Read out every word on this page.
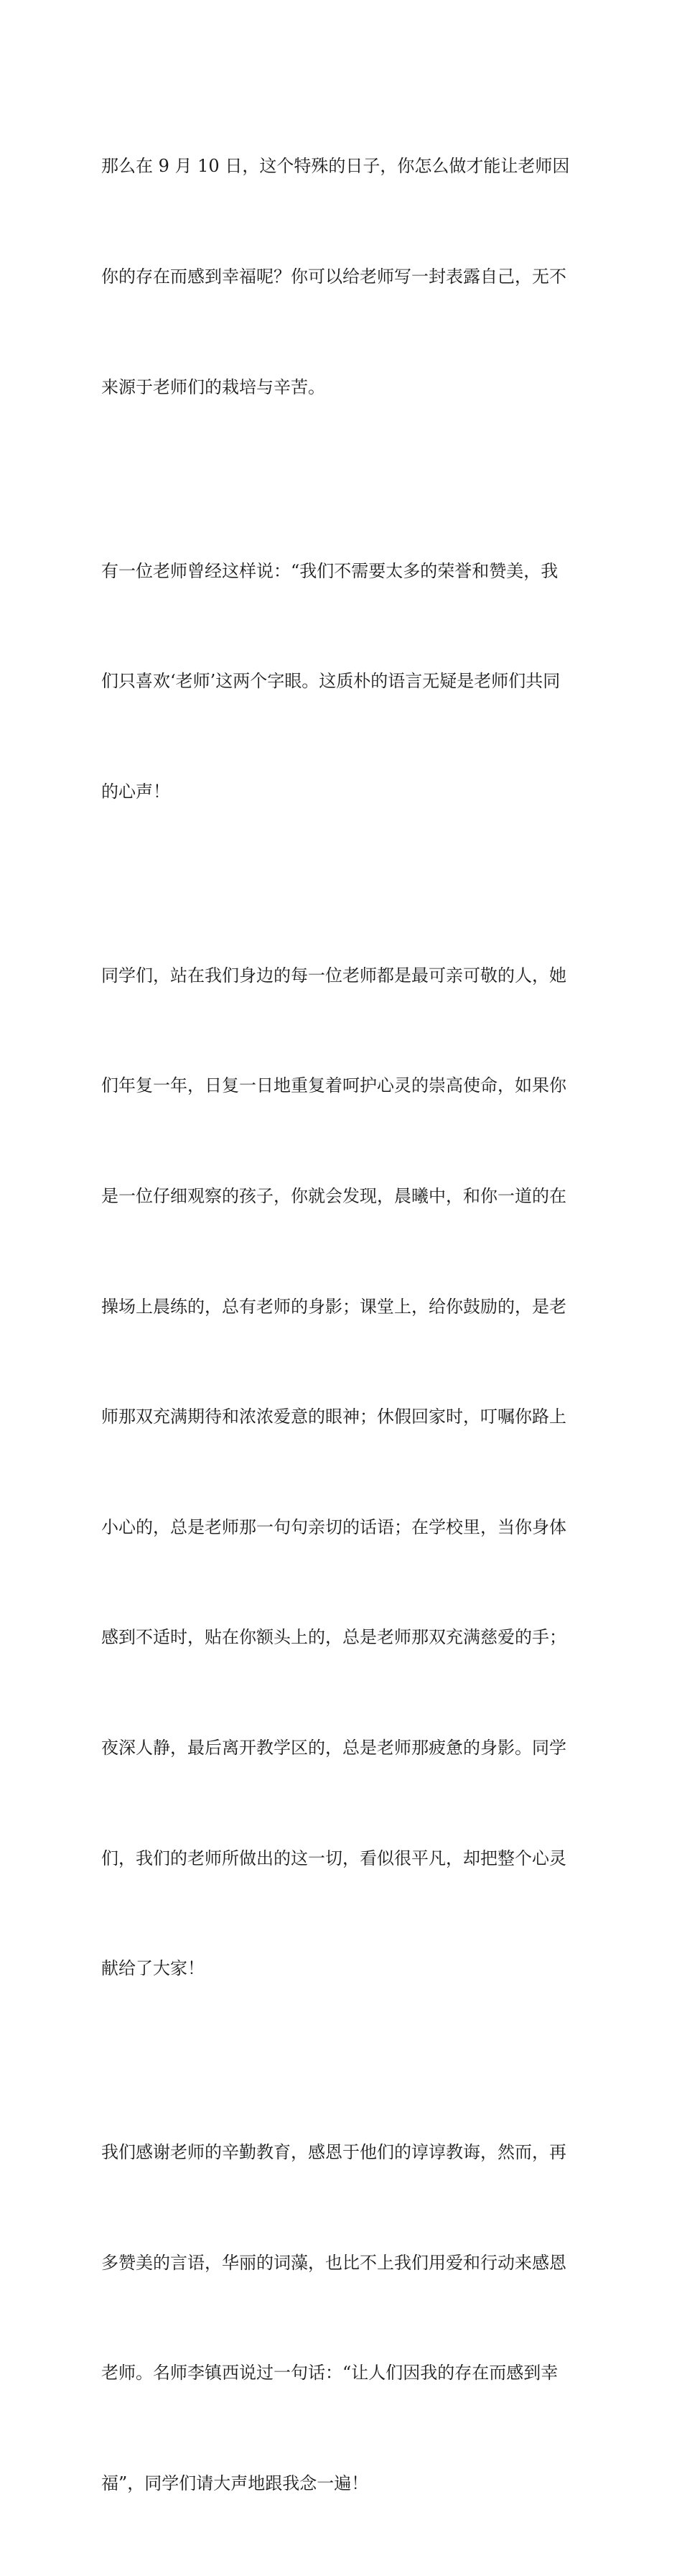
那么在 9 月 10 日，这个特殊的日子，你怎么做才能让老师因

你的存在而感到幸福呢？你可以给老师写一封表露自己，无不

来源于老师们的栽培与辛苦。

有一位老师曾经这样说：“我们不需要太多的荣誉和赞美，我

们只喜欢‘老师’这两个字眼。这质朴的语言无疑是老师们共同

的心声！

同学们，站在我们身边的每一位老师都是最可亲可敬的人，她

们年复一年，日复一日地重复着呵护心灵的崇高使命，如果你

是一位仔细观察的孩子，你就会发现，晨曦中，和你一道的在

操场上晨练的，总有老师的身影；课堂上，给你鼓励的，是老

师那双充满期待和浓浓爱意的眼神；休假回家时，叮嘱你路上

小心的，总是老师那一句句亲切的话语；在学校里，当你身体

感到不适时，贴在你额头上的，总是老师那双充满慈爱的手；

夜深人静，最后离开教学区的，总是老师那疲惫的身影。同学

们，我们的老师所做出的这一切，看似很平凡，却把整个心灵

献给了大家！

我们感谢老师的辛勤教育，感恩于他们的谆谆教诲，然而，再

多赞美的言语，华丽的词藻，也比不上我们用爱和行动来感恩

老师。名师李镇西说过一句话：“让人们因我的存在而感到幸

福”，同学们请大声地跟我念一遍！
